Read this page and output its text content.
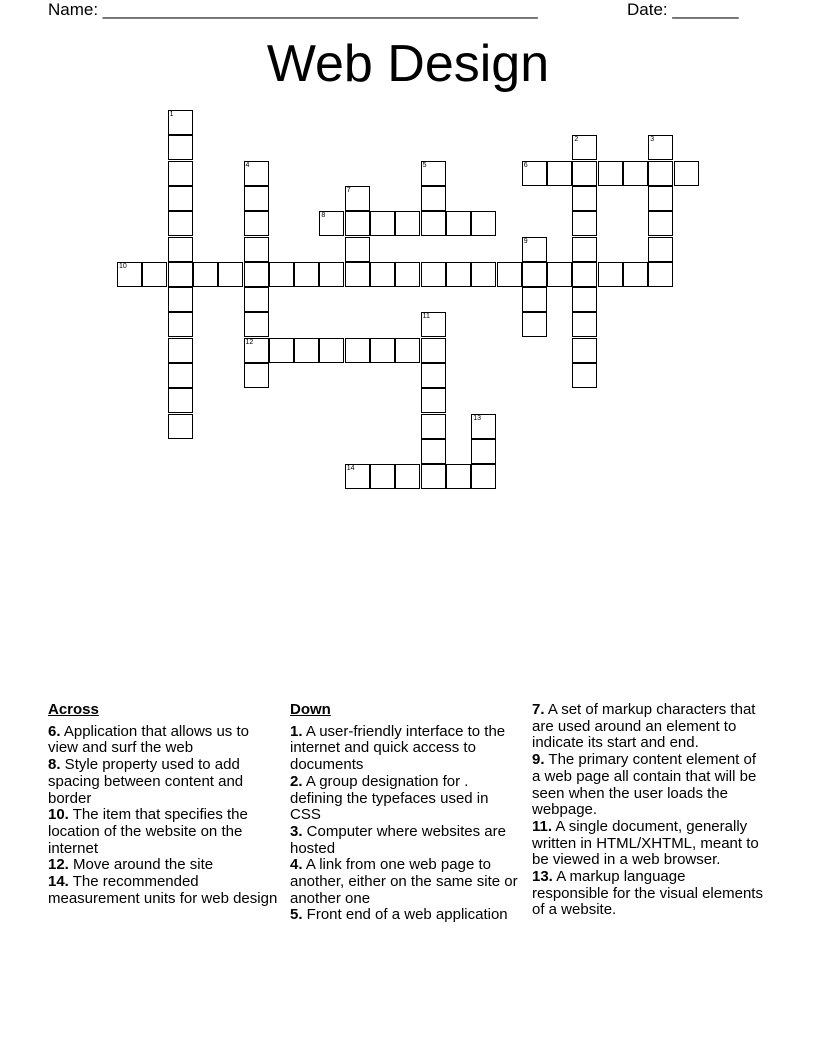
Name: ______________________________________________	Date: _______
Web Design
1
2	3
4
12
5	6
7
8
9
10
11
13
14
Across
6. Application that allows us to view and surf the web
8. Style property used to add spacing between content and border
10. The item that specifies the location of the website on the internet
12. Move around the site
14. The recommended measurement units for web design
Down
1. A user-friendly interface to the internet and quick access to documents
2. A group designation for . defining the typefaces used in CSS
3. Computer where websites are hosted
4. A link from one web page to another, either on the same site or another one
5. Front end of a web application
7. A set of markup characters that are used around an element to indicate its start and end.
9. The primary content element of a web page all contain that will be seen when the user loads the webpage.
11. A single document, generally written in HTML/XHTML, meant to be viewed in a web browser.
13. A markup language responsible for the visual elements of a website.
